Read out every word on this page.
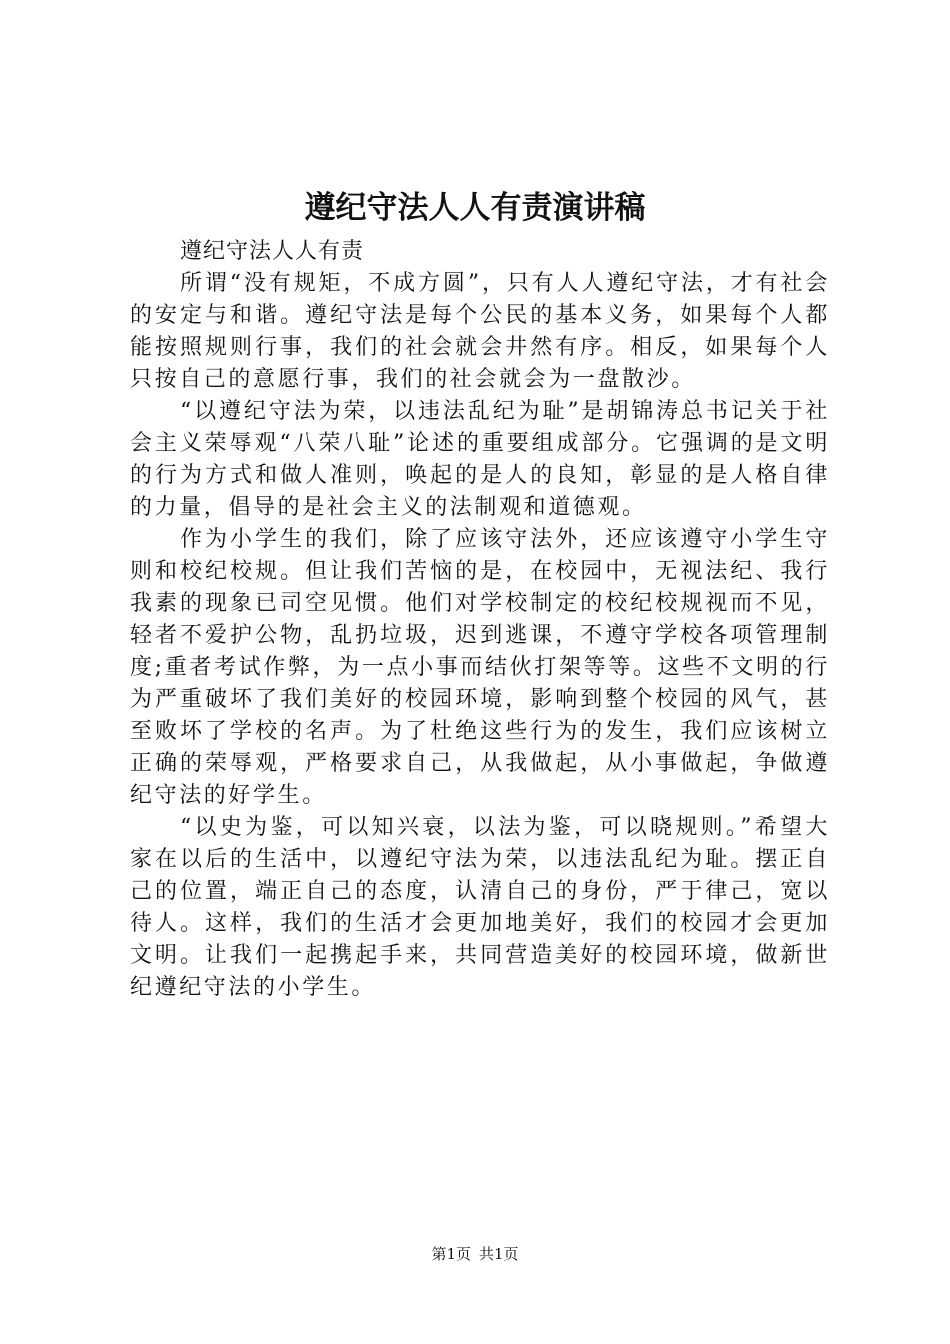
遵纪守法人人有责演讲稿

遵纪守法人人有责

所谓“没有规矩，不成方圆”，只有人人遵纪守法，才有社会的安定与和谐。遵纪守法是每个公民的基本义务，如果每个人都能按照规则行事，我们的社会就会井然有序。相反，如果每个人只按自己的意愿行事，我们的社会就会为一盘散沙。

“以遵纪守法为荣，以违法乱纪为耻”是胡锦涛总书记关于社会主义荣辱观“八荣八耻”论述的重要组成部分。它强调的是文明的行为方式和做人准则，唤起的是人的良知，彰显的是人格自律的力量，倡导的是社会主义的法制观和道德观。

作为小学生的我们，除了应该守法外，还应该遵守小学生守则和校纪校规。但让我们苦恼的是，在校园中，无视法纪、我行我素的现象已司空见惯。他们对学校制定的校纪校规视而不见，轻者不爱护公物，乱扔垃圾，迟到逃课，不遵守学校各项管理制度;重者考试作弊，为一点小事而结伙打架等等。这些不文明的行为严重破坏了我们美好的校园环境，影响到整个校园的风气，甚至败坏了学校的名声。为了杜绝这些行为的发生，我们应该树立正确的荣辱观，严格要求自己，从我做起，从小事做起，争做遵纪守法的好学生。

“以史为鉴，可以知兴衰，以法为鉴，可以晓规则。”希望大家在以后的生活中，以遵纪守法为荣，以违法乱纪为耻。摆正自己的位置，端正自己的态度，认清自己的身份，严于律己，宽以待人。这样，我们的生活才会更加地美好，我们的校园才会更加文明。让我们一起携起手来，共同营造美好的校园环境，做新世纪遵纪守法的小学生。

第1页 共1页
